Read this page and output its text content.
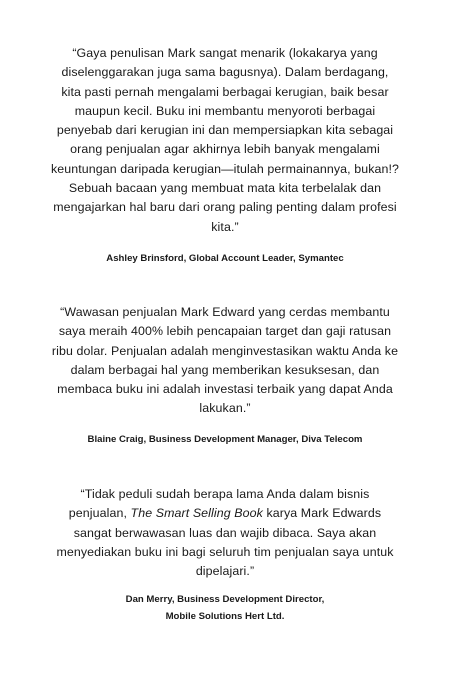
“Gaya penulisan Mark sangat menarik (lokakarya yang diselenggarakan juga sama bagusnya). Dalam berdagang, kita pasti pernah mengalami berbagai kerugian, baik besar maupun kecil. Buku ini membantu menyoroti berbagai penyebab dari kerugian ini dan mempersiapkan kita sebagai orang penjualan agar akhirnya lebih banyak mengalami keuntungan daripada kerugian—itulah permainannya, bukan!? Sebuah bacaan yang membuat mata kita terbelalak dan mengajarkan hal baru dari orang paling penting dalam profesi kita.”

Ashley Brinsford, Global Account Leader, Symantec

“Wawasan penjualan Mark Edward yang cerdas membantu saya meraih 400% lebih pencapaian target dan gaji ratusan ribu dolar. Penjualan adalah menginvestasikan waktu Anda ke dalam berbagai hal yang memberikan kesuksesan, dan membaca buku ini adalah investasi terbaik yang dapat Anda lakukan.”

Blaine Craig, Business Development Manager, Diva Telecom

“Tidak peduli sudah berapa lama Anda dalam bisnis penjualan, The Smart Selling Book karya Mark Edwards sangat berwawasan luas dan wajib dibaca. Saya akan menyediakan buku ini bagi seluruh tim penjualan saya untuk dipelajari.”

Dan Merry, Business Development Director,
Mobile Solutions Hert Ltd.
